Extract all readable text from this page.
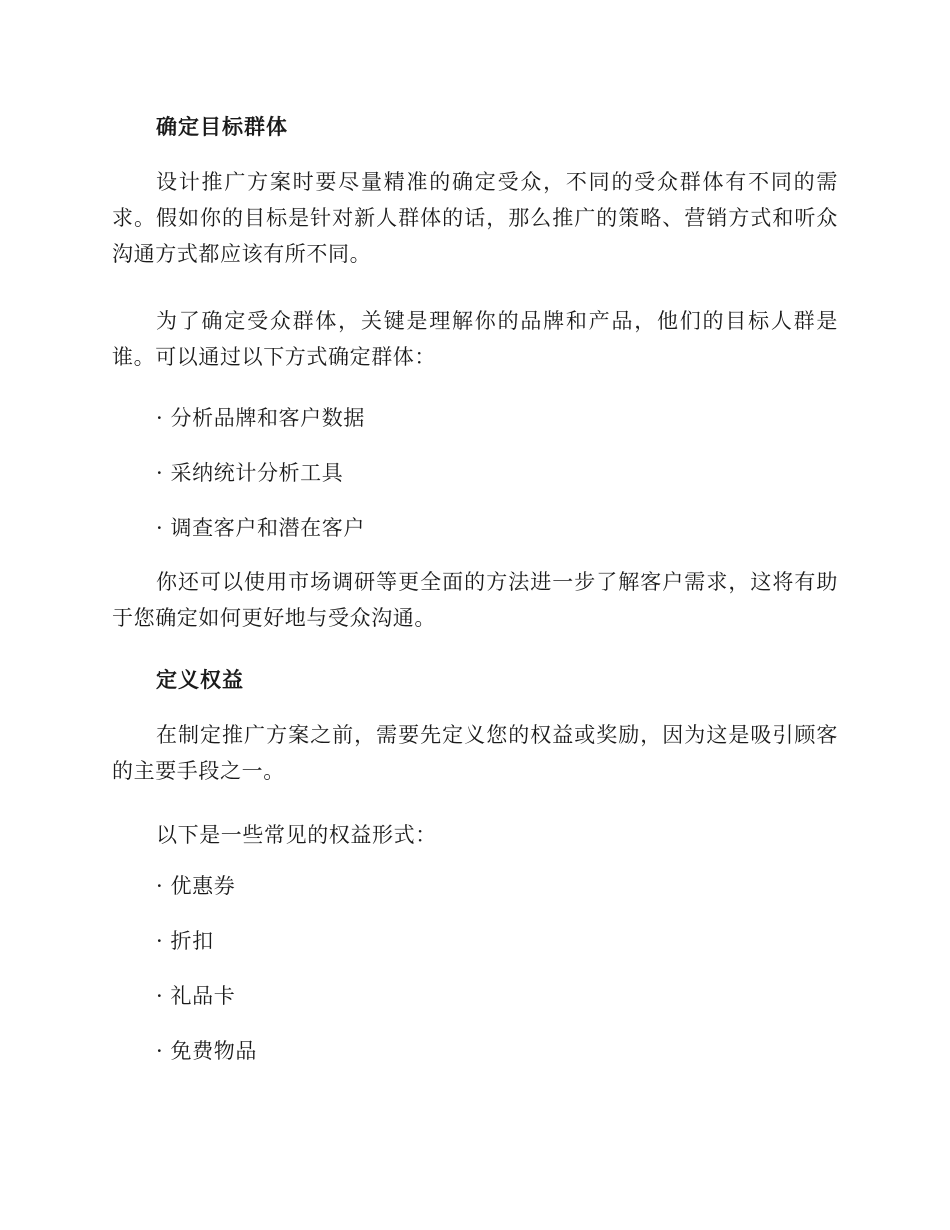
确定目标群体

设计推广方案时要尽量精准的确定受众，不同的受众群体有不同的需求。假如你的目标是针对新人群体的话，那么推广的策略、营销方式和听众沟通方式都应该有所不同。

为了确定受众群体，关键是理解你的品牌和产品，他们的目标人群是谁。可以通过以下方式确定群体：

· 分析品牌和客户数据

· 采纳统计分析工具

· 调查客户和潜在客户

你还可以使用市场调研等更全面的方法进一步了解客户需求，这将有助于您确定如何更好地与受众沟通。

定义权益

在制定推广方案之前，需要先定义您的权益或奖励，因为这是吸引顾客的主要手段之一。

以下是一些常见的权益形式：

· 优惠券

· 折扣

· 礼品卡

· 免费物品
